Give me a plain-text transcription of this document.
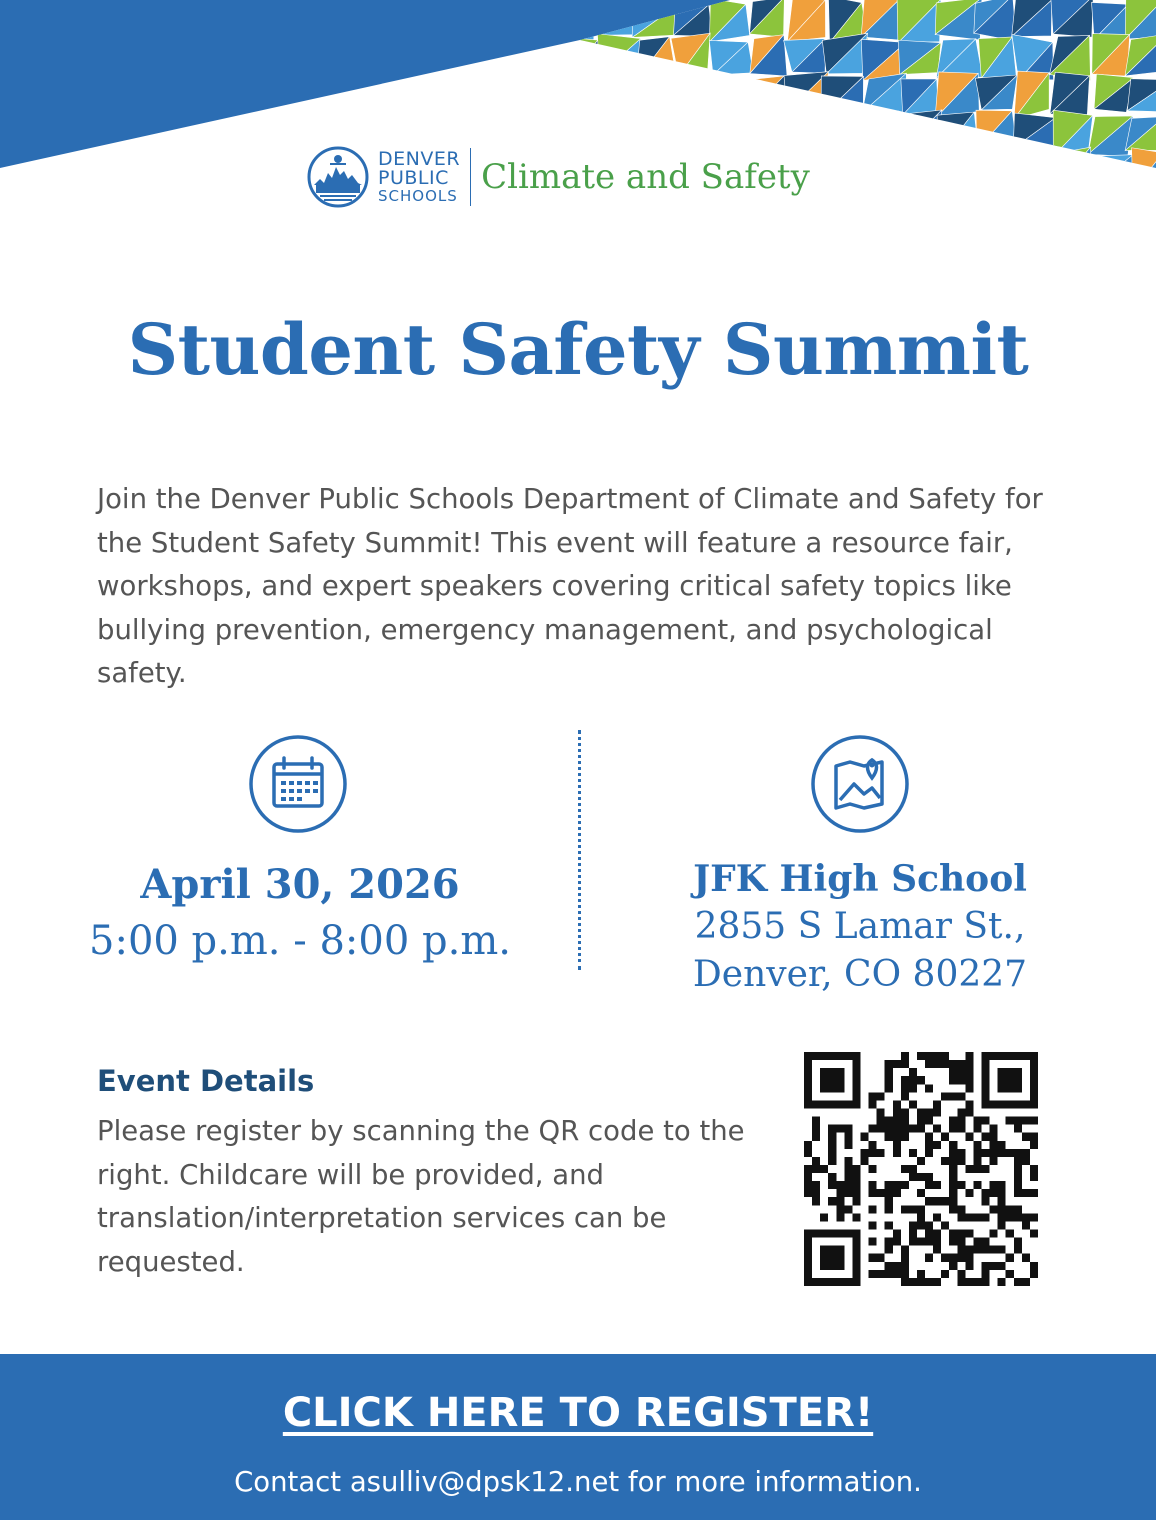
DENVER
PUBLIC
SCHOOLS Climate and Safety
Student Safety Summit

Join the Denver Public Schools Department of Climate and Safety for the Student Safety Summit! This event will feature a resource fair, workshops, and expert speakers covering critical safety topics like bullying prevention, emergency management, and psychological safety.

April 30, 2026
5:00 p.m. - 8:00 p.m.
JFK High School
2855 S Lamar St.,
Denver, CO 80227
Event Details

Please register by scanning the QR code to the right. Childcare will be provided, and translation/interpretation services can be requested.

CLICK HERE TO REGISTER!
Contact asulliv@dpsk12.net for more information.
